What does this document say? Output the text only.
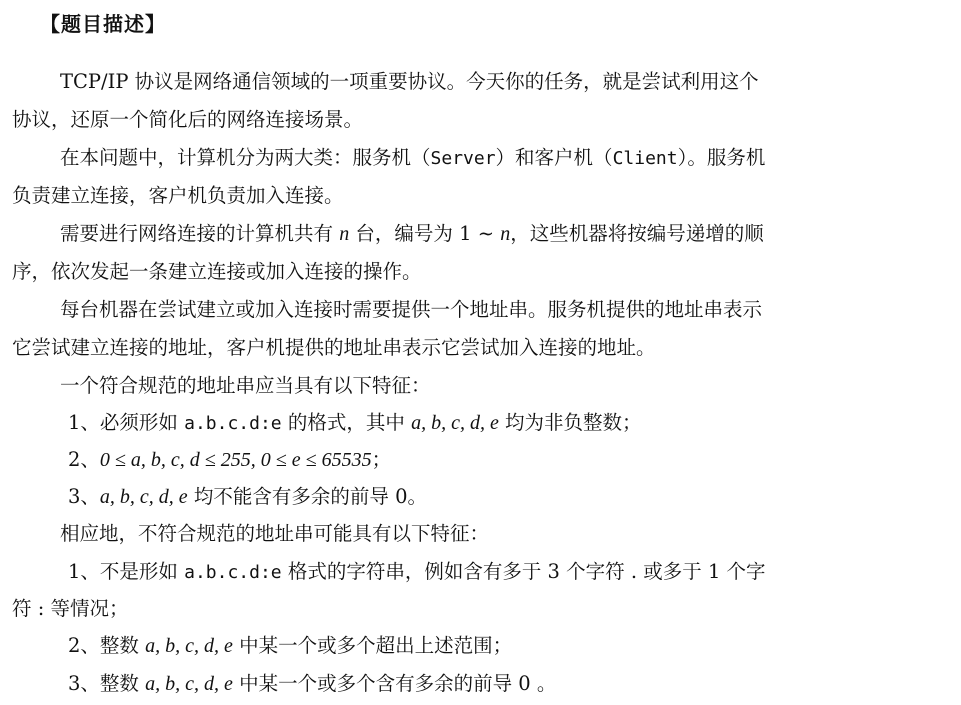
【题目描述】
TCP/IP 协议是网络通信领域的一项重要协议。今天你的任务，就是尝试利用这个
协议，还原一个简化后的网络连接场景。
在本问题中，计算机分为两大类：服务机（Server）和客户机（Client）。服务机
负责建立连接，客户机负责加入连接。
需要进行网络连接的计算机共有 n 台，编号为 1 ∼ n，这些机器将按编号递增的顺
序，依次发起一条建立连接或加入连接的操作。
每台机器在尝试建立或加入连接时需要提供一个地址串。服务机提供的地址串表示
它尝试建立连接的地址，客户机提供的地址串表示它尝试加入连接的地址。
一个符合规范的地址串应当具有以下特征：
1、必须形如 a.b.c.d:e 的格式，其中 a, b, c, d, e 均为非负整数；
2、0 ≤ a, b, c, d ≤ 255, 0 ≤ e ≤ 65535；
3、a, b, c, d, e 均不能含有多余的前导 0。
相应地，不符合规范的地址串可能具有以下特征：
1、不是形如 a.b.c.d:e 格式的字符串，例如含有多于 3 个字符 . 或多于 1 个字
符 : 等情况；
2、整数 a, b, c, d, e 中某一个或多个超出上述范围；
3、整数 a, b, c, d, e 中某一个或多个含有多余的前导 0 。
